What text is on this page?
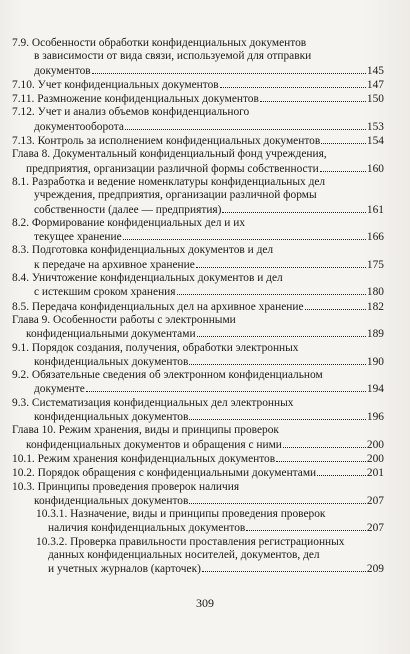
7.9. Особенности обработки конфиденциальных документов
в зависимости от вида связи, используемой для отправки
документов	145
7.10. Учет конфиденциальных документов	147
7.11. Размножение конфиденциальных документов	150
7.12. Учет и анализ объемов конфиденциального
документооборота	153
7.13. Контроль за исполнением конфиденциальных документов	154
Глава 8. Документальный конфиденциальный фонд учреждения,
предприятия, организации различной формы собственности	160
8.1. Разработка и ведение номенклатуры конфиденциальных дел
учреждения, предприятия, организации различной формы
собственности (далее — предприятия)	161
8.2. Формирование конфиденциальных дел и их
текущее хранение	166
8.3. Подготовка конфиденциальных документов и дел
к передаче на архивное хранение	175
8.4. Уничтожение конфиденциальных документов и дел
с истекшим сроком хранения	180
8.5. Передача конфиденциальных дел на архивное хранение	182
Глава 9. Особенности работы с электронными
конфиденциальными документами	189
9.1. Порядок создания, получения, обработки электронных
конфиденциальных документов	190
9.2. Обязательные сведения об электронном конфиденциальном
документе	194
9.3. Систематизация конфиденциальных дел электронных
конфиденциальных документов	196
Глава 10. Режим хранения, виды и принципы проверок
конфиденциальных документов и обращения с ними	200
10.1. Режим хранения конфиденциальных документов	200
10.2. Порядок обращения с конфиденциальными документами	201
10.3. Принципы проведения проверок наличия
конфиденциальных документов	207
10.3.1. Назначение, виды и принципы проведения проверок
наличия конфиденциальных документов	207
10.3.2. Проверка правильности проставления регистрационных
данных конфиденциальных носителей, документов, дел
и учетных журналов (карточек)	209
309
